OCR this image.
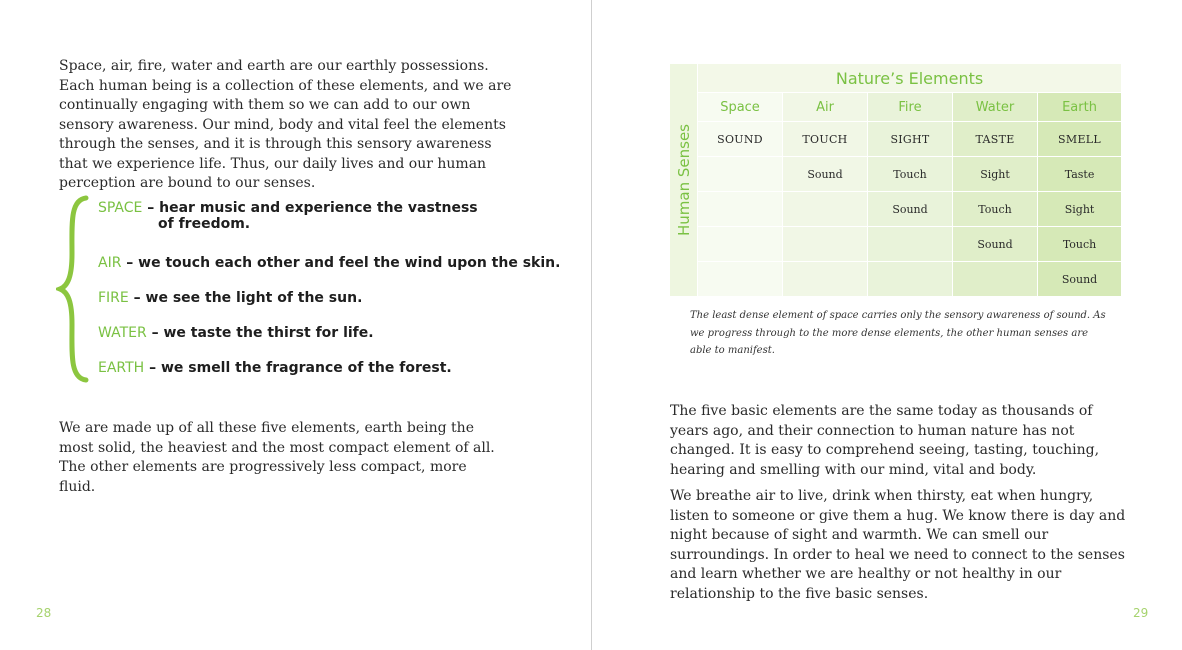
Space, air, fire, water and earth are our earthly possessions. Each human being is a collection of these elements, and we are continually engaging with them so we can add to our own sensory awareness. Our mind, body and vital feel the elements through the senses, and it is through this sensory awareness that we experience life. Thus, our daily lives and our human perception are bound to our senses.

SPACE – hear music and experience the vastness
of freedom.
AIR – we touch each other and feel the wind upon the skin.
FIRE – we see the light of the sun.
WATER – we taste the thirst for life.
EARTH – we smell the fragrance of the forest.

We are made up of all these five elements, earth being the most solid, the heaviest and the most compact element of all. The other elements are progressively less compact, more fluid.

28
Human Senses	Nature’s Elements				
	Space	Air	Fire	Water	Earth
	SOUND	TOUCH	SIGHT	TASTE	SMELL
		Sound	Touch	Sight	Taste
			Sound	Touch	Sight
				Sound	Touch
					Sound
The least dense element of space carries only the sensory awareness of sound. As we progress through to the more dense elements, the other human senses are able to manifest.

The five basic elements are the same today as thousands of years ago, and their connection to human nature has not changed. It is easy to comprehend seeing, tasting, touching, hearing and smelling with our mind, vital and body.

We breathe air to live, drink when thirsty, eat when hungry, listen to someone or give them a hug. We know there is day and night because of sight and warmth. We can smell our surroundings. In order to heal we need to connect to the senses and learn whether we are healthy or not healthy in our relationship to the five basic senses.

29
